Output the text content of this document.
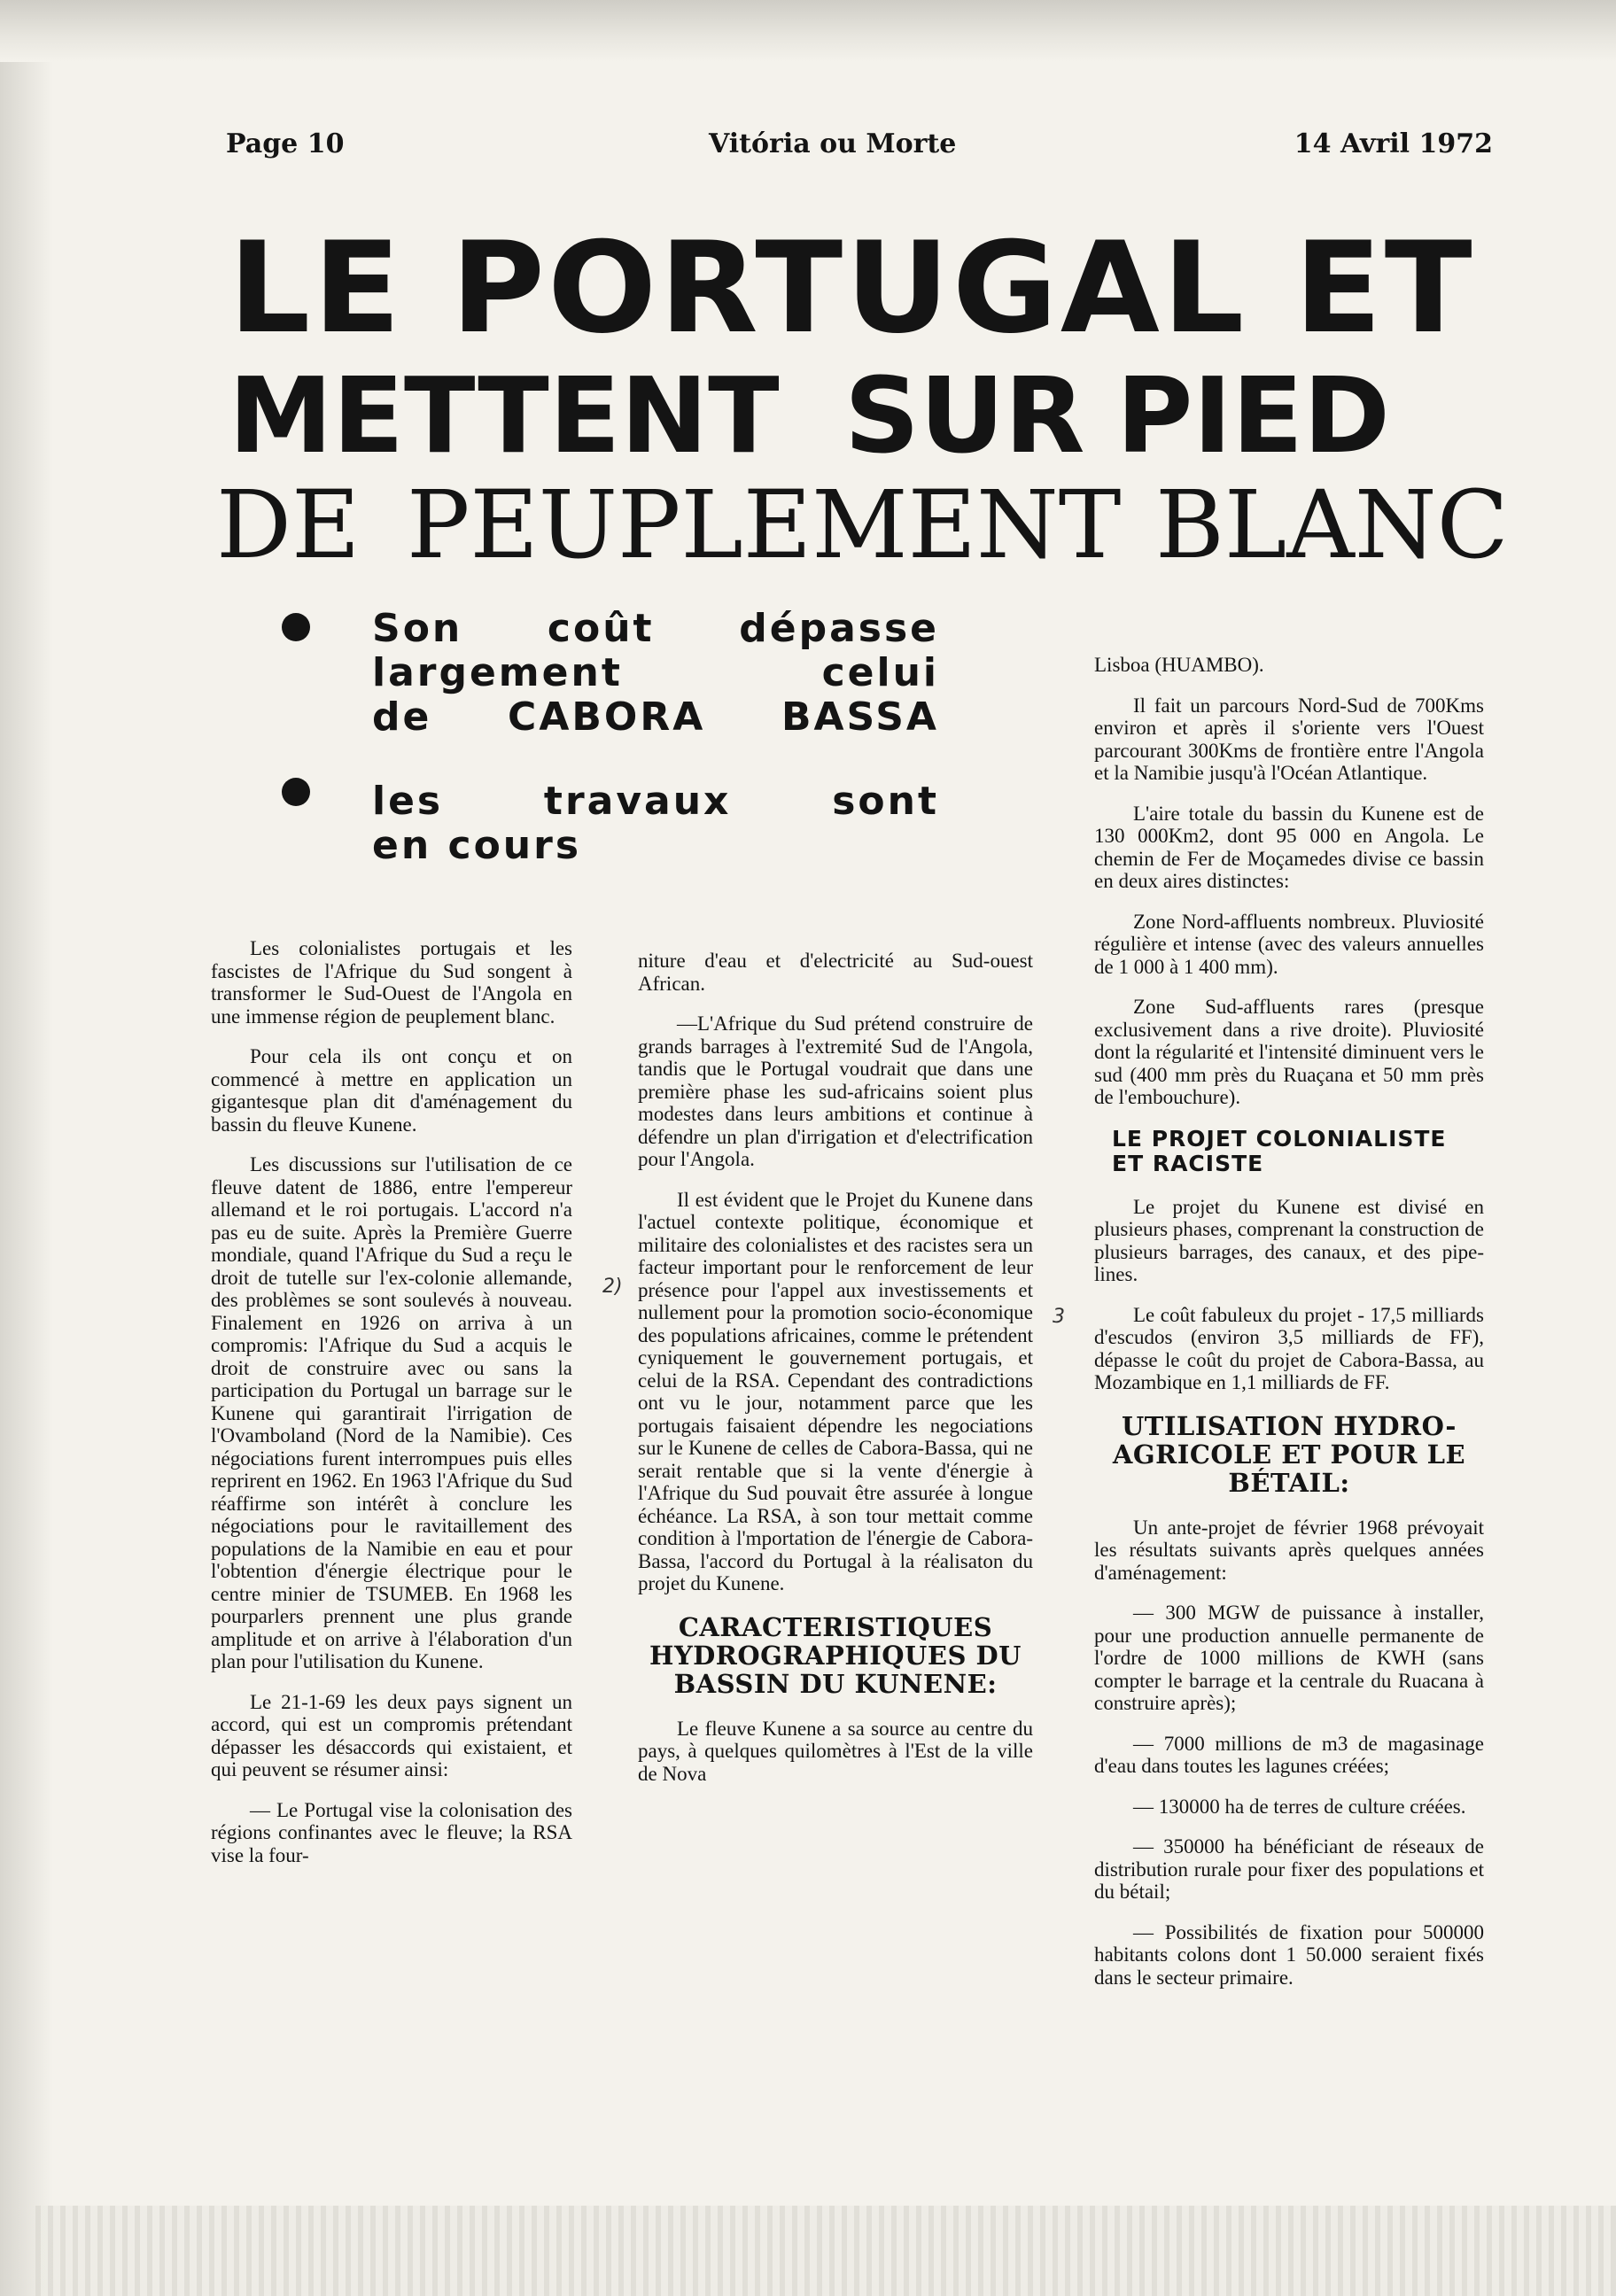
Page 10	Vitória ou Morte	14 Avril 1972
LE PORTUGAL ET
METTENT SUR PIED
DE PEUPLEMENT BLANC
Son coût dépasse
largement celui
de CABORA BASSA
les travaux sont
en cours

Les colonialistes portugais et les fascistes de l'Afrique du Sud songent à transformer le Sud-Ouest de l'Angola en une immense région de peuplement blanc.

Pour cela ils ont conçu et on commencé à mettre en application un gigantesque plan dit d'aménagement du bassin du fleuve Kunene.

Les discussions sur l'utilisation de ce fleuve datent de 1886, entre l'empereur allemand et le roi portugais. L'accord n'a pas eu de suite. Après la Première Guerre mondiale, quand l'Afrique du Sud a reçu le droit de tutelle sur l'ex-colonie allemande, des problèmes se sont soulevés à nouveau. Finalement en 1926 on arriva à un compromis: l'Afrique du Sud a acquis le droit de construire avec ou sans la participation du Portugal un barrage sur le Kunene qui garantirait l'irrigation de l'Ovamboland (Nord de la Namibie). Ces négociations furent interrompues puis elles reprirent en 1962. En 1963 l'Afrique du Sud réaffirme son intérêt à conclure les négociations pour le ravitaillement des populations de la Namibie en eau et pour l'obtention d'énergie électrique pour le centre minier de TSUMEB. En 1968 les pourparlers prennent une plus grande amplitude et on arrive à l'élaboration d'un plan pour l'utilisation du Kunene.

Le 21-1-69 les deux pays signent un accord, qui est un compromis prétendant dépasser les désaccords qui existaient, et qui peuvent se résumer ainsi:

— Le Portugal vise la colonisation des régions confinantes avec le fleuve; la RSA vise la four-

niture d'eau et d'electricité au Sud-ouest African.

—L'Afrique du Sud prétend construire de grands barrages à l'extremité Sud de l'Angola, tandis que le Portugal voudrait que dans une première phase les sud-africains soient plus modestes dans leurs ambitions et continue à défendre un plan d'irrigation et d'electrification pour l'Angola.

Il est évident que le Projet du Kunene dans l'actuel contexte politique, économique et militaire des colonialistes et des racistes sera un facteur important pour le renforcement de leur présence pour l'appel aux investissements et nullement pour la promotion socio-économique des populations africaines, comme le prétendent cyniquement le gouvernement portugais, et celui de la RSA. Cependant des contradictions ont vu le jour, notamment parce que les portugais faisaient dépendre les negociations sur le Kunene de celles de Cabora-Bassa, qui ne serait rentable que si la vente d'énergie à l'Afrique du Sud pouvait être assurée à longue échéance. La RSA, à son tour mettait comme condition à l'mportation de l'énergie de Cabora-Bassa, l'accord du Portugal à la réalisaton du projet du Kunene.

CARACTERISTIQUES HYDROGRAPHIQUES DU BASSIN DU KUNENE:

Le fleuve Kunene a sa source au centre du pays, à quelques quilomètres à l'Est de la ville de Nova

Lisboa (HUAMBO).

Il fait un parcours Nord-Sud de 700Kms environ et après il s'oriente vers l'Ouest parcourant 300Kms de frontière entre l'Angola et la Namibie jusqu'à l'Océan Atlantique.

L'aire totale du bassin du Kunene est de 130 000Km2, dont 95 000 en Angola. Le chemin de Fer de Moçamedes divise ce bassin en deux aires distinctes:

Zone Nord-affluents nombreux. Pluviosité régulière et intense (avec des valeurs annuelles de 1 000 à 1 400 mm).

Zone Sud-affluents rares (presque exclusivement dans a rive droite). Pluviosité dont la régularité et l'intensité diminuent vers le sud (400 mm près du Ruaçana et 50 mm près de l'embouchure).

LE PROJET COLONIALISTE ET RACISTE

Le projet du Kunene est divisé en plusieurs phases, comprenant la construction de plusieurs barrages, des canaux, et des pipe-lines.

Le coût fabuleux du projet - 17,5 milliards d'escudos (environ 3,5 milliards de FF), dépasse le coût du projet de Cabora-Bassa, au Mozambique en 1,1 milliards de FF.

UTILISATION HYDRO-AGRICOLE ET POUR LE BÉTAIL:

Un ante-projet de février 1968 prévoyait les résultats suivants après quelques années d'aménagement:

— 300 MGW de puissance à installer, pour une production annuelle permanente de l'ordre de 1000 millions de KWH (sans compter le barrage et la centrale du Ruacana à construire après);

— 7000 millions de m3 de magasinage d'eau dans toutes les lagunes créées;

— 130000 ha de terres de culture créées.

— 350000 ha bénéficiant de réseaux de distribution rurale pour fixer des populations et du bétail;

— Possibilités de fixation pour 500000 habitants colons dont 1 50.000 seraient fixés dans le secteur primaire.

2)
3
